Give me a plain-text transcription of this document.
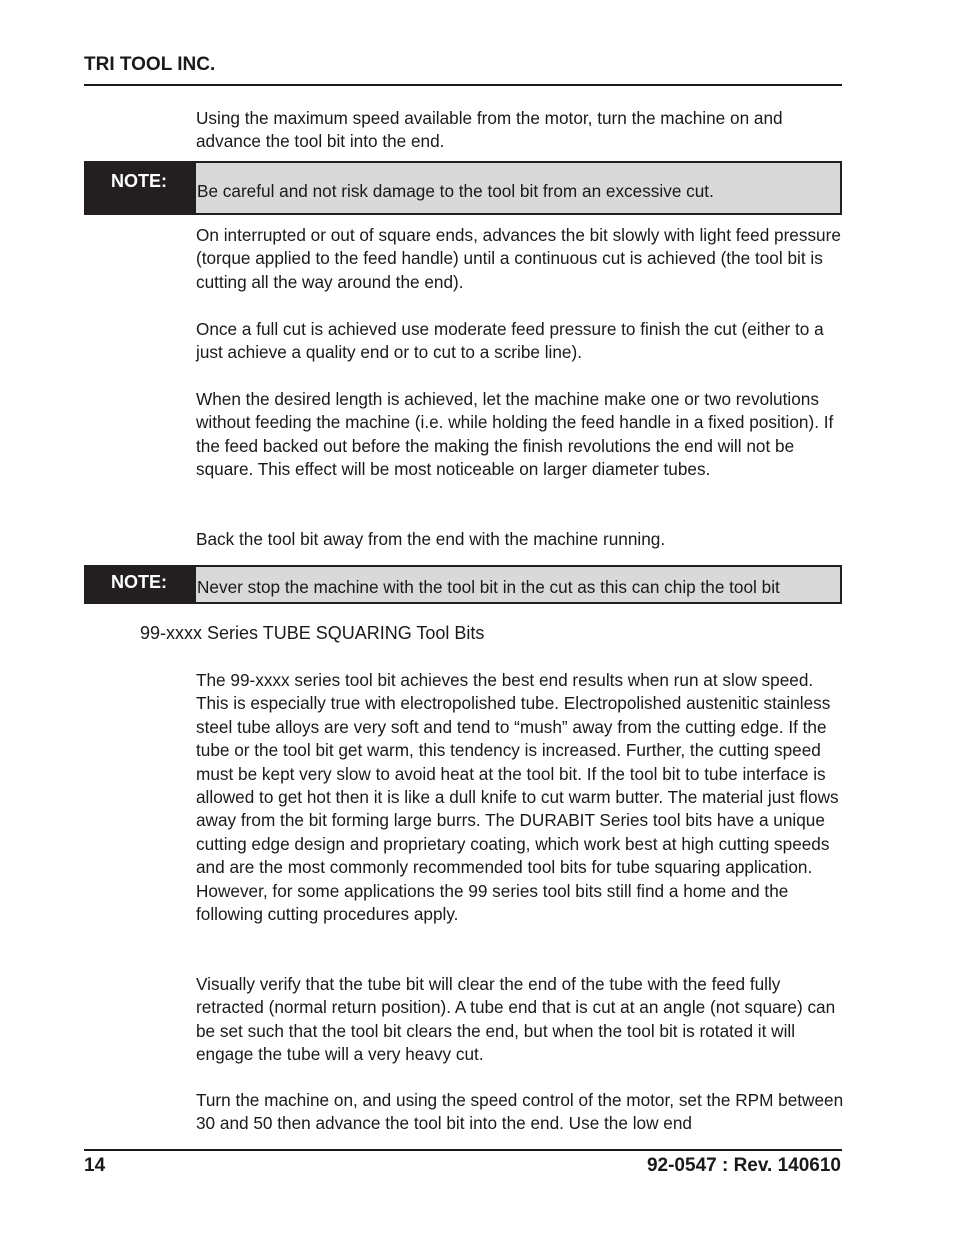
TRI TOOL INC.

Using the maximum speed available from the motor, turn the machine on and advance the tool bit into the end.

NOTE:	Be careful and not risk damage to the tool bit from an excessive cut.

On interrupted or out of square ends, advances the bit slowly with light feed pressure (torque applied to the feed handle) until a continuous cut is achieved (the tool bit is cutting all the way around the end).

Once a full cut is achieved use moderate feed pressure to finish the cut (either to a just achieve a quality end or to cut to a scribe line).

When the desired length is achieved, let the machine make one or two revolutions without feeding the machine (i.e. while holding the feed handle in a fixed position). If the feed backed out before the making the finish revolutions the end will not be square. This effect will be most noticeable on larger diameter tubes.

Back the tool bit away from the end with the machine running.

NOTE:	Never stop the machine with the tool bit in the cut as this can chip the tool bit
99-xxxx Series TUBE SQUARING Tool Bits

The 99-xxxx series tool bit achieves the best end results when run at slow speed. This is especially true with electropolished tube. Electropolished austenitic stainless steel tube alloys are very soft and tend to “mush” away from the cutting edge. If the tube or the tool bit get warm, this tendency is increased. Further, the cutting speed must be kept very slow to avoid heat at the tool bit. If the tool bit to tube interface is allowed to get hot then it is like a dull knife to cut warm butter. The material just flows away from the bit forming large burrs. The DURABIT Series tool bits have a unique cutting edge design and proprietary coating, which work best at high cutting speeds and are the most commonly recommended tool bits for tube squaring application. However, for some applications the 99 series tool bits still find a home and the following cutting procedures apply.

Visually verify that the tube bit will clear the end of the tube with the feed fully retracted (normal return position). A tube end that is cut at an angle (not square) can be set such that the tool bit clears the end, but when the tool bit is rotated it will engage the tube will a very heavy cut.

Turn the machine on, and using the speed control of the motor, set the RPM between 30 and 50 then advance the tool bit into the end. Use the low end

14	92-0547 : Rev. 140610
